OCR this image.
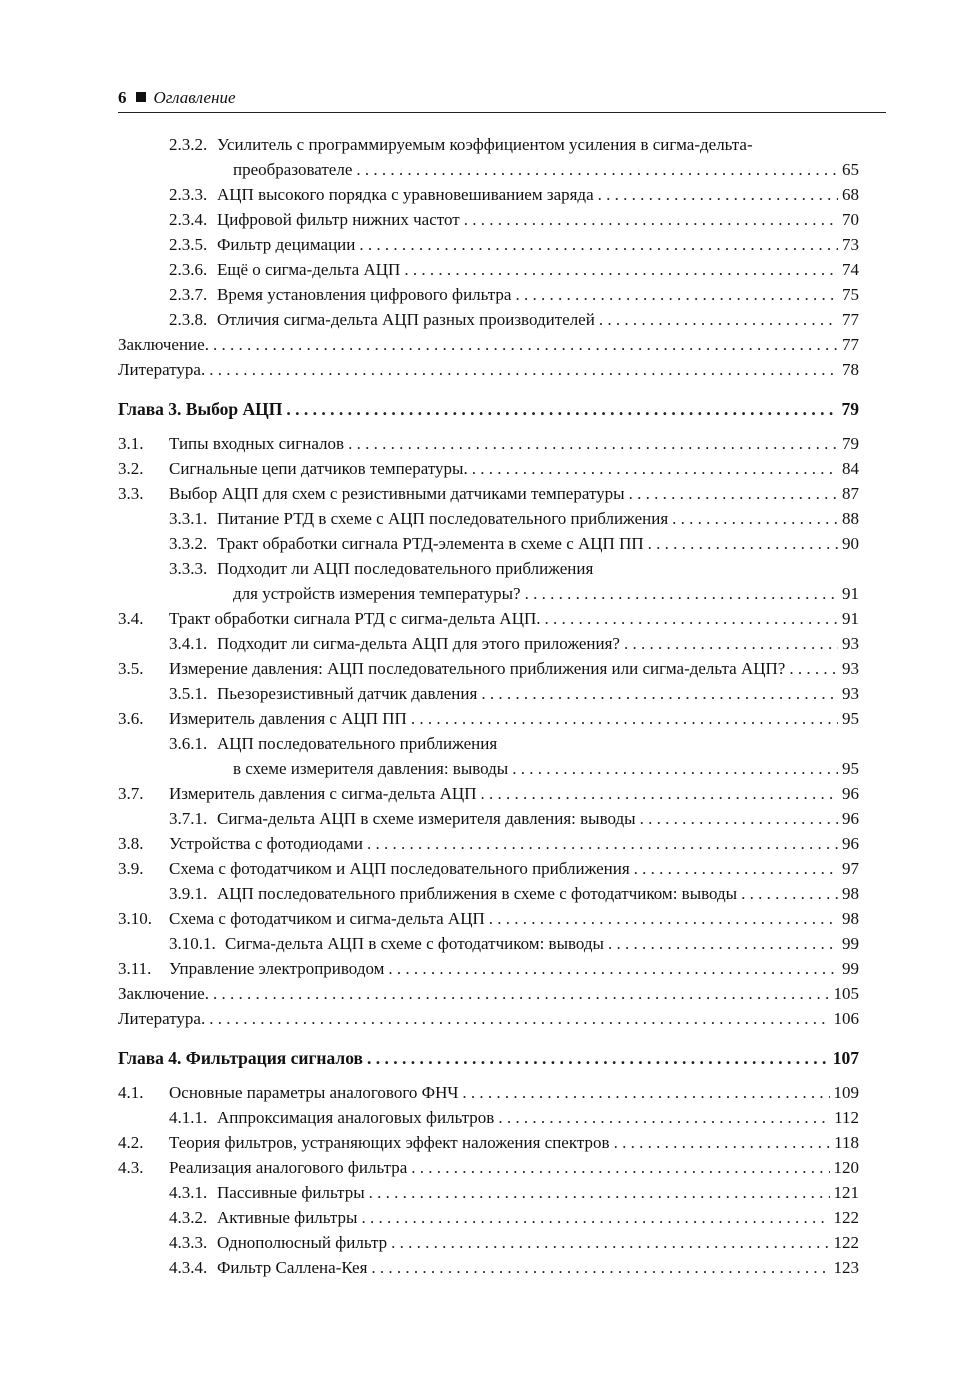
6 Оглавление
2.3.2. Усилитель с программируемым коэффициентом усиления в сигма-дельта-
преобразователе . . .	65
2.3.3. АЦП высокого порядка с уравновешиванием заряда . . .	68
2.3.4. Цифровой фильтр нижних частот . . .	70
2.3.5. Фильтр децимации . . .	73
2.3.6. Ещё о сигма-дельта АЦП . . .	74
2.3.7. Время установления цифрового фильтра . . .	75
2.3.8. Отличия сигма-дельта АЦП разных производителей . . .	77
Заключение. . . .	77
Литература. . . .	78
Глава 3. Выбор АЦП . . .	79
3.1. Типы входных сигналов . . .	79
3.2. Сигнальные цепи датчиков температуры. . . .	84
3.3. Выбор АЦП для схем с резистивными датчиками температуры . . .	87
3.3.1. Питание РТД в схеме с АЦП последовательного приближения . . .	88
3.3.2. Тракт обработки сигнала РТД-элемента в схеме с АЦП ПП . . .	90
3.3.3. Подходит ли АЦП последовательного приближения
для устройств измерения температуры? . . .	91
3.4. Тракт обработки сигнала РТД с сигма-дельта АЦП. . . .	91
3.4.1. Подходит ли сигма-дельта АЦП для этого приложения? . . .	93
3.5. Измерение давления: АЦП последовательного приближения или сигма-дельта АЦП? . . .	93
3.5.1. Пьезорезистивный датчик давления . . .	93
3.6. Измеритель давления с АЦП ПП . . .	95
3.6.1. АЦП последовательного приближения
в схеме измерителя давления: выводы . . .	95
3.7. Измеритель давления с сигма-дельта АЦП . . .	96
3.7.1. Сигма-дельта АЦП в схеме измерителя давления: выводы . . .	96
3.8. Устройства с фотодиодами . . .	96
3.9. Схема с фотодатчиком и АЦП последовательного приближения . . .	97
3.9.1. АЦП последовательного приближения в схеме с фотодатчиком: выводы . . .	98
3.10. Схема с фотодатчиком и сигма-дельта АЦП . . .	98
3.10.1. Сигма-дельта АЦП в схеме с фотодатчиком: выводы . . .	99
3.11. Управление электроприводом . . .	99
Заключение. . . .	105
Литература. . . .	106
Глава 4. Фильтрация сигналов . . .	107
4.1. Основные параметры аналогового ФНЧ . . .	109
4.1.1. Аппроксимация аналоговых фильтров . . .	112
4.2. Теория фильтров, устраняющих эффект наложения спектров . . .	118
4.3. Реализация аналогового фильтра . . .	120
4.3.1. Пассивные фильтры . . .	121
4.3.2. Активные фильтры . . .	122
4.3.3. Однополюсный фильтр . . .	122
4.3.4. Фильтр Саллена-Кея . . .	123
